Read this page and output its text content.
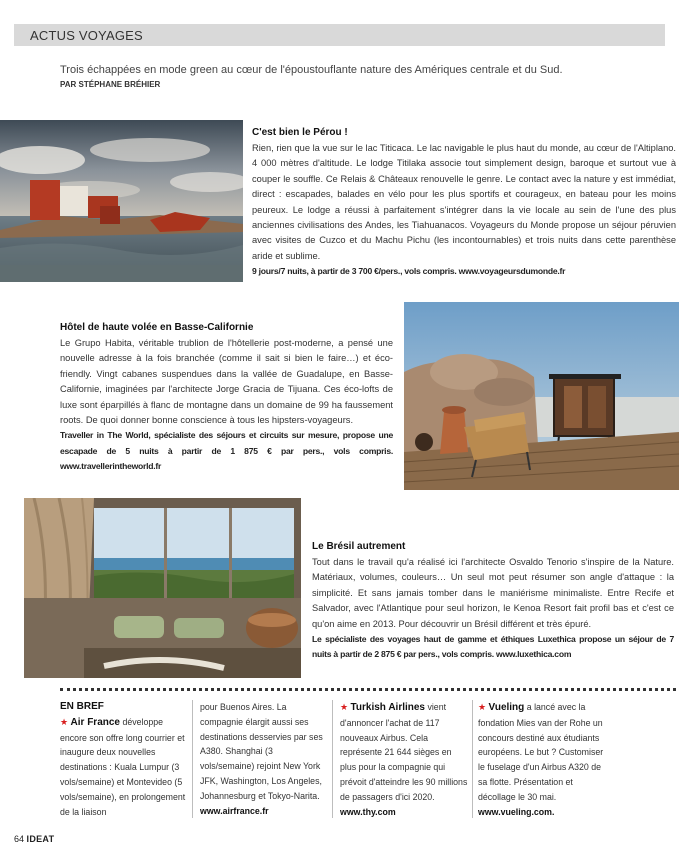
ACTUS VOYAGES
Trois échappées en mode green au cœur de l'époustouflante nature des Amériques centrale et du Sud.
PAR STÉPHANE BRÉHIER
C'est bien le Pérou !

Rien, rien que la vue sur le lac Titicaca. Le lac navigable le plus haut du monde, au cœur de l'Altiplano. 4 000 mètres d'altitude. Le lodge Titilaka associe tout simplement design, baroque et surtout vue à couper le souffle. Ce Relais & Châteaux renouvelle le genre. Le contact avec la nature y est immédiat, direct : escapades, balades en vélo pour les plus sportifs et courageux, en bateau pour les moins peureux. Le lodge a réussi à parfaitement s'intégrer dans la vie locale au sein de l'une des plus anciennes civilisations des Andes, les Tiahuanacos. Voyageurs du Monde propose un séjour péruvien avec visites de Cuzco et du Machu Pichu (les incontournables) et trois nuits dans cette parenthèse aride et sublime.

9 jours/7 nuits, à partir de 3 700 €/pers., vols compris. www.voyageursdumonde.fr

Hôtel de haute volée en Basse-Californie

Le Grupo Habita, véritable trublion de l'hôtellerie post-moderne, a pensé une nouvelle adresse à la fois branchée (comme il sait si bien le faire…) et éco-friendly. Vingt cabanes suspendues dans la vallée de Guadalupe, en Basse-Californie, imaginées par l'architecte Jorge Gracia de Tijuana. Ces éco-lofts de luxe sont éparpillés à flanc de montagne dans un domaine de 99 ha faussement roots. De quoi donner bonne conscience à tous les hipsters-voyageurs.

Traveller in The World, spécialiste des séjours et circuits sur mesure, propose une escapade de 5 nuits à partir de 1 875 € par pers., vols compris. www.travellerintheworld.fr

Le Brésil autrement

Tout dans le travail qu'a réalisé ici l'architecte Osvaldo Tenorio s'inspire de la Nature. Matériaux, volumes, couleurs… Un seul mot peut résumer son angle d'attaque : la simplicité. Et sans jamais tomber dans le maniérisme minimaliste. Entre Recife et Salvador, avec l'Atlantique pour seul horizon, le Kenoa Resort fait profil bas et c'est ce qu'on aime en 2013. Pour découvrir un Brésil différent et très épuré.

Le spécialiste des voyages haut de gamme et éthiques Luxethica propose un séjour de 7 nuits à partir de 2 875 € par pers., vols compris. www.luxethica.com

EN BREF
★ Air France développe encore son offre long courrier et inaugure deux nouvelles destinations : Kuala Lumpur (3 vols/semaine) et Montevideo (5 vols/semaine), en prolongement de la liaison
pour Buenos Aires. La compagnie élargit aussi ses destinations desservies par ses A380. Shanghai (3 vols/semaine) rejoint New York JFK, Washington, Los Angeles, Johannesburg et Tokyo-Narita.
www.airfrance.fr
★ Turkish Airlines vient d'annoncer l'achat de 117 nouveaux Airbus. Cela représente 21 644 sièges en plus pour la compagnie qui prévoit d'atteindre les 90 millions de passagers d'ici 2020.
www.thy.com
★ Vueling a lancé avec la fondation Mies van der Rohe un concours destiné aux étudiants européens. Le but ? Customiser le fuselage d'un Airbus A320 de sa flotte. Présentation et décollage le 30 mai.
www.vueling.com.
64 IDEAT
